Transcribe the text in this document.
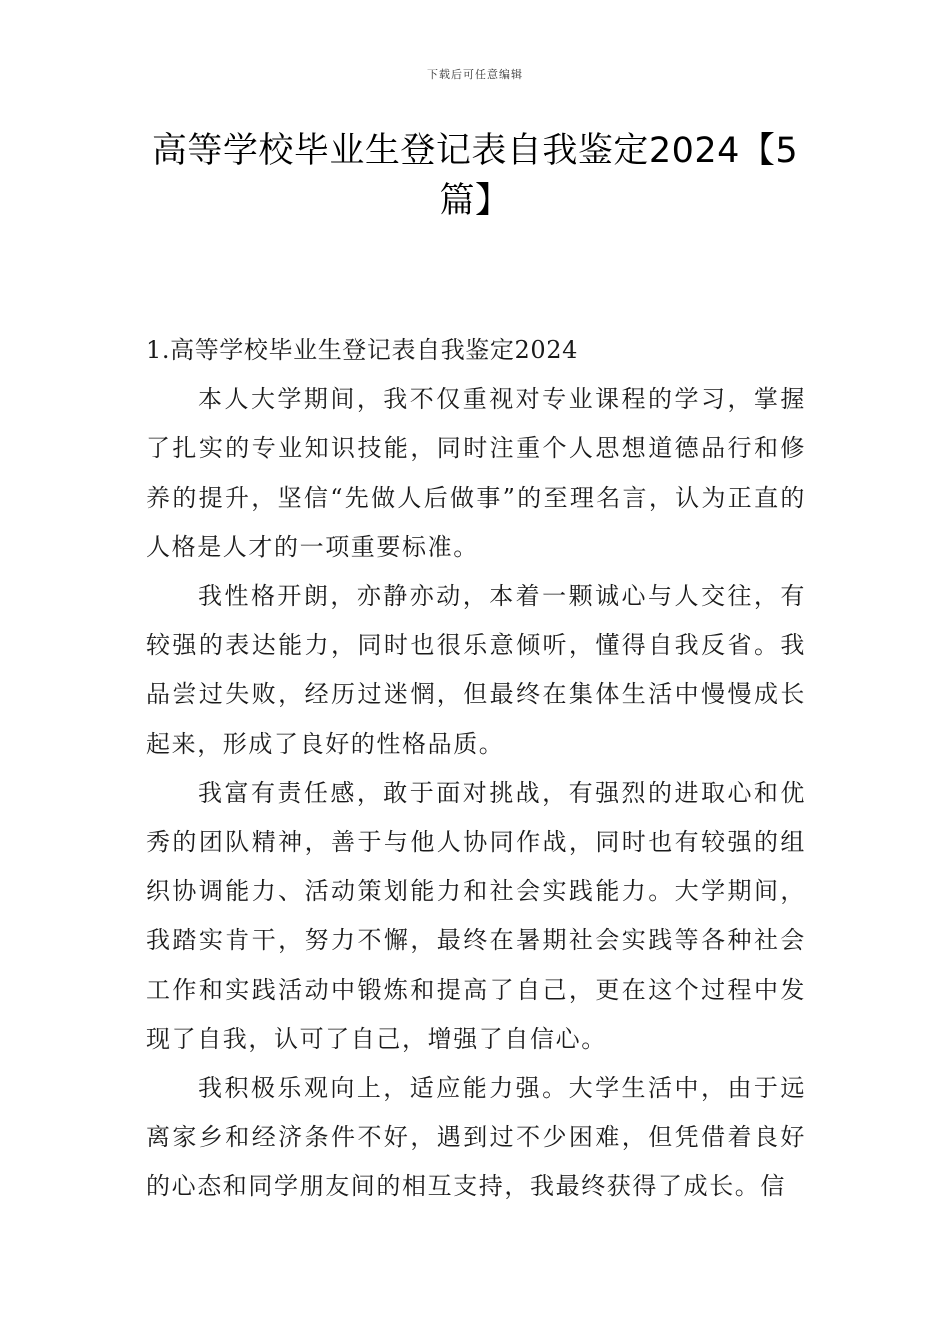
下载后可任意编辑
高等学校毕业生登记表自我鉴定2024【5篇】

1.高等学校毕业生登记表自我鉴定2024

本人大学期间，我不仅重视对专业课程的学习，掌握了扎实的专业知识技能，同时注重个人思想道德品行和修养的提升，坚信“先做人后做事”的至理名言，认为正直的人格是人才的一项重要标准。

我性格开朗，亦静亦动，本着一颗诚心与人交往，有较强的表达能力，同时也很乐意倾听，懂得自我反省。我品尝过失败，经历过迷惘，但最终在集体生活中慢慢成长起来，形成了良好的性格品质。

我富有责任感，敢于面对挑战，有强烈的进取心和优秀的团队精神，善于与他人协同作战，同时也有较强的组织协调能力、活动策划能力和社会实践能力。大学期间，我踏实肯干，努力不懈，最终在暑期社会实践等各种社会工作和实践活动中锻炼和提高了自己，更在这个过程中发现了自我，认可了自己，增强了自信心。

我积极乐观向上，适应能力强。大学生活中，由于远离家乡和经济条件不好，遇到过不少困难，但凭借着良好的心态和同学朋友间的相互支持，我最终获得了成长。信
